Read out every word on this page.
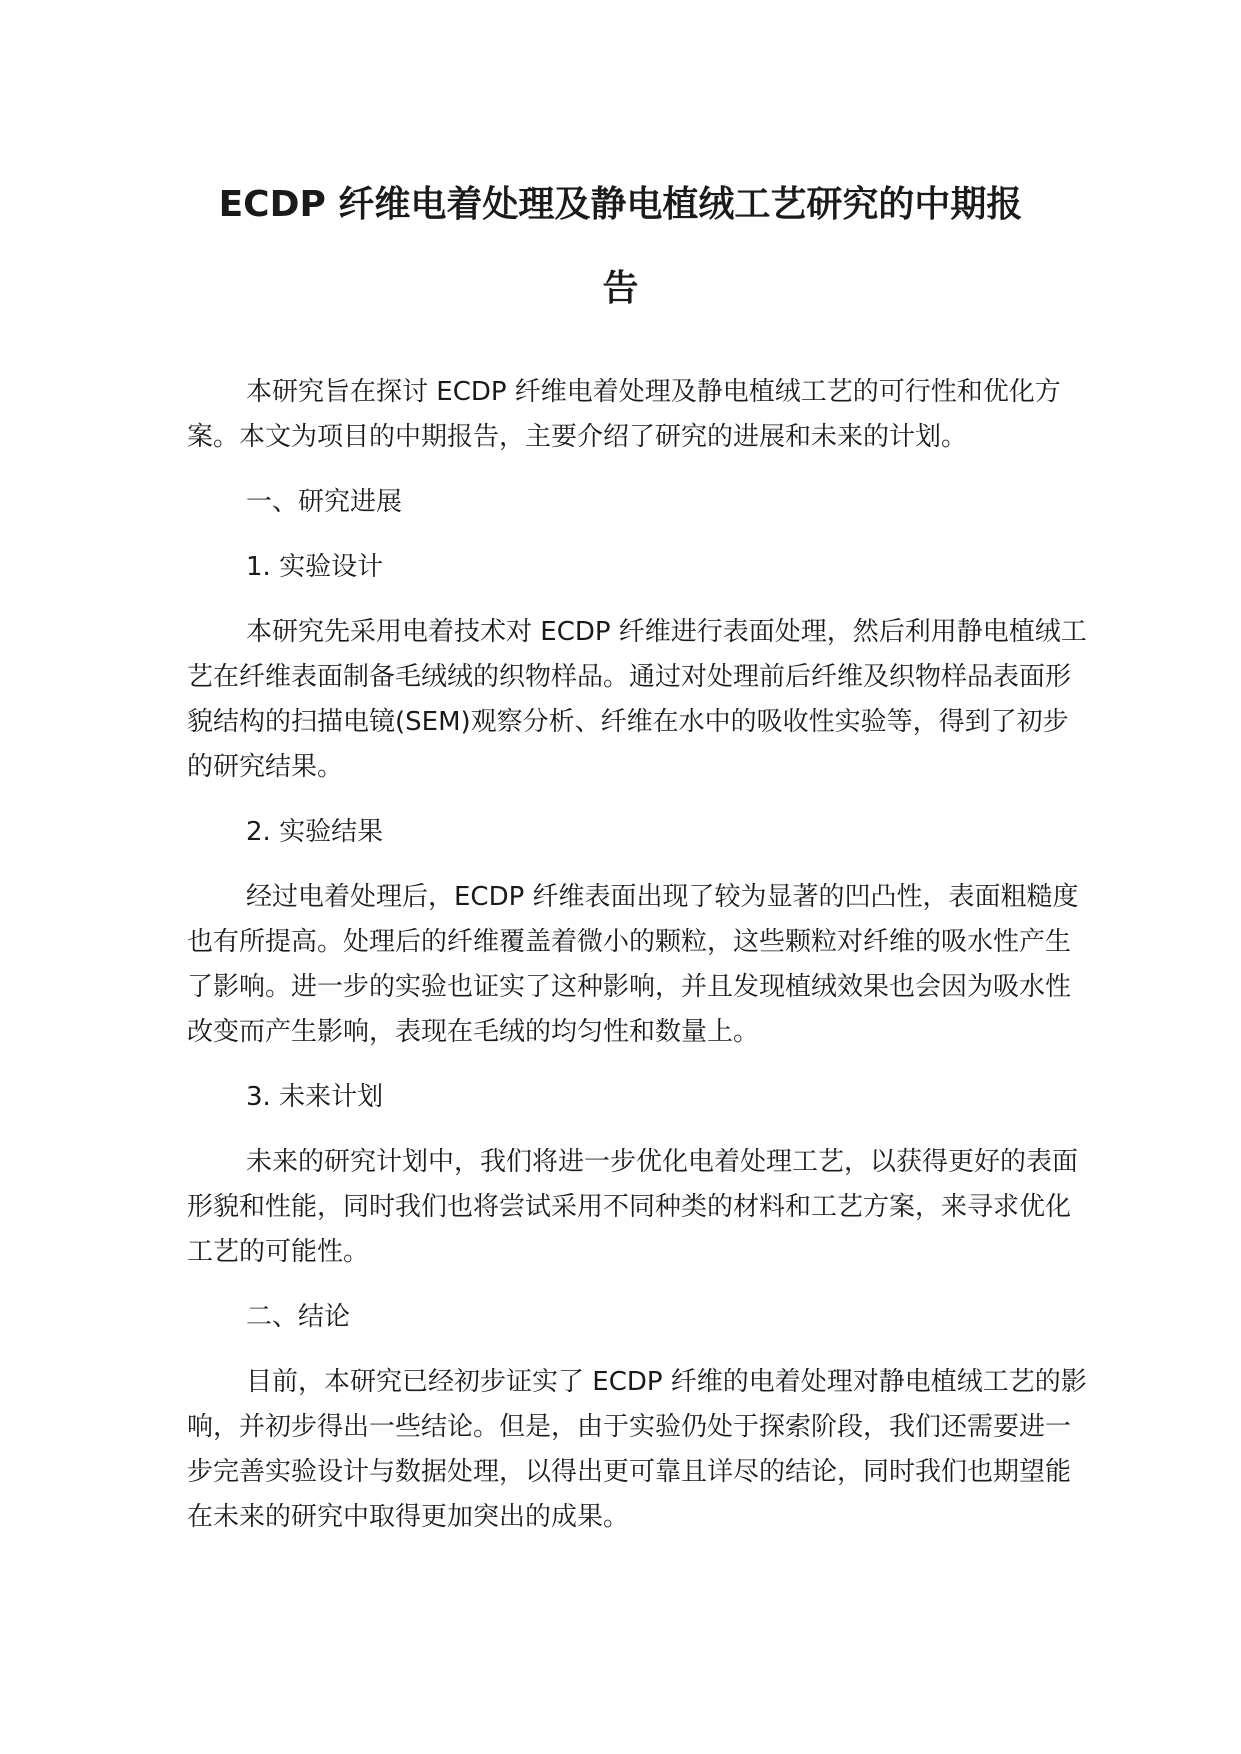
ECDP 纤维电着处理及静电植绒工艺研究的中期报
告

本研究旨在探讨 ECDP 纤维电着处理及静电植绒工艺的可行性和优化方案。本文为项目的中期报告，主要介绍了研究的进展和未来的计划。

一、研究进展

1. 实验设计

本研究先采用电着技术对 ECDP 纤维进行表面处理，然后利用静电植绒工艺在纤维表面制备毛绒绒的织物样品。通过对处理前后纤维及织物样品表面形貌结构的扫描电镜(SEM)观察分析、纤维在水中的吸收性实验等，得到了初步的研究结果。

2. 实验结果

经过电着处理后，ECDP 纤维表面出现了较为显著的凹凸性，表面粗糙度也有所提高。处理后的纤维覆盖着微小的颗粒，这些颗粒对纤维的吸水性产生了影响。进一步的实验也证实了这种影响，并且发现植绒效果也会因为吸水性改变而产生影响，表现在毛绒的均匀性和数量上。

3. 未来计划

未来的研究计划中，我们将进一步优化电着处理工艺，以获得更好的表面形貌和性能，同时我们也将尝试采用不同种类的材料和工艺方案，来寻求优化工艺的可能性。

二、结论

目前，本研究已经初步证实了 ECDP 纤维的电着处理对静电植绒工艺的影响，并初步得出一些结论。但是，由于实验仍处于探索阶段，我们还需要进一步完善实验设计与数据处理，以得出更可靠且详尽的结论，同时我们也期望能在未来的研究中取得更加突出的成果。
